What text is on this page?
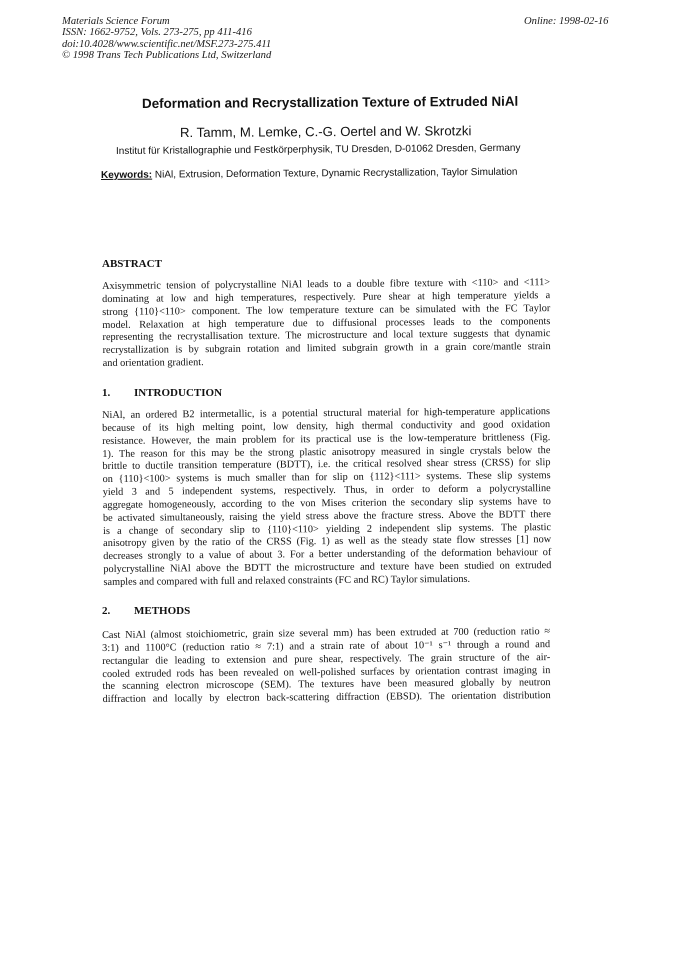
Materials Science Forum
ISSN: 1662-9752, Vols. 273-275, pp 411-416
doi:10.4028/www.scientific.net/MSF.273-275.411
© 1998 Trans Tech Publications Ltd, Switzerland
Online: 1998-02-16
Deformation and Recrystallization Texture of Extruded NiAl
R. Tamm, M. Lemke, C.-G. Oertel and W. Skrotzki
Institut für Kristallographie und Festkörperphysik, TU Dresden, D-01062 Dresden, Germany
Keywords: NiAl, Extrusion, Deformation Texture, Dynamic Recrystallization, Taylor Simulation
ABSTRACT
Axisymmetric tension of polycrystalline NiAl leads to a double fibre texture with <110> and <111>
dominating at low and high temperatures, respectively. Pure shear at high temperature yields a
strong {110}<110> component. The low temperature texture can be simulated with the FC Taylor
model. Relaxation at high temperature due to diffusional processes leads to the components
representing the recrystallisation texture. The microstructure and local texture suggests that dynamic
recrystallization is by subgrain rotation and limited subgrain growth in a grain core/mantle strain
and orientation gradient.
1. INTRODUCTION
NiAl, an ordered B2 intermetallic, is a potential structural material for high-temperature applications
because of its high melting point, low density, high thermal conductivity and good oxidation
resistance. However, the main problem for its practical use is the low-temperature brittleness (Fig.
1). The reason for this may be the strong plastic anisotropy measured in single crystals below the
brittle to ductile transition temperature (BDTT), i.e. the critical resolved shear stress (CRSS) for slip
on {110}<100> systems is much smaller than for slip on {112}<111> systems. These slip systems
yield 3 and 5 independent systems, respectively. Thus, in order to deform a polycrystalline
aggregate homogeneously, according to the von Mises criterion the secondary slip systems have to
be activated simultaneously, raising the yield stress above the fracture stress. Above the BDTT there
is a change of secondary slip to {110}<110> yielding 2 independent slip systems. The plastic
anisotropy given by the ratio of the CRSS (Fig. 1) as well as the steady state flow stresses [1] now
decreases strongly to a value of about 3. For a better understanding of the deformation behaviour of
polycrystalline NiAl above the BDTT the microstructure and texture have been studied on extruded
samples and compared with full and relaxed constraints (FC and RC) Taylor simulations.
2. METHODS
Cast NiAl (almost stoichiometric, grain size several mm) has been extruded at 700 (reduction ratio ≈
3:1) and 1100°C (reduction ratio ≈ 7:1) and a strain rate of about 10⁻¹ s⁻¹ through a round and
rectangular die leading to extension and pure shear, respectively. The grain structure of the air-
cooled extruded rods has been revealed on well-polished surfaces by orientation contrast imaging in
the scanning electron microscope (SEM). The textures have been measured globally by neutron
diffraction and locally by electron back-scattering diffraction (EBSD). The orientation distribution
